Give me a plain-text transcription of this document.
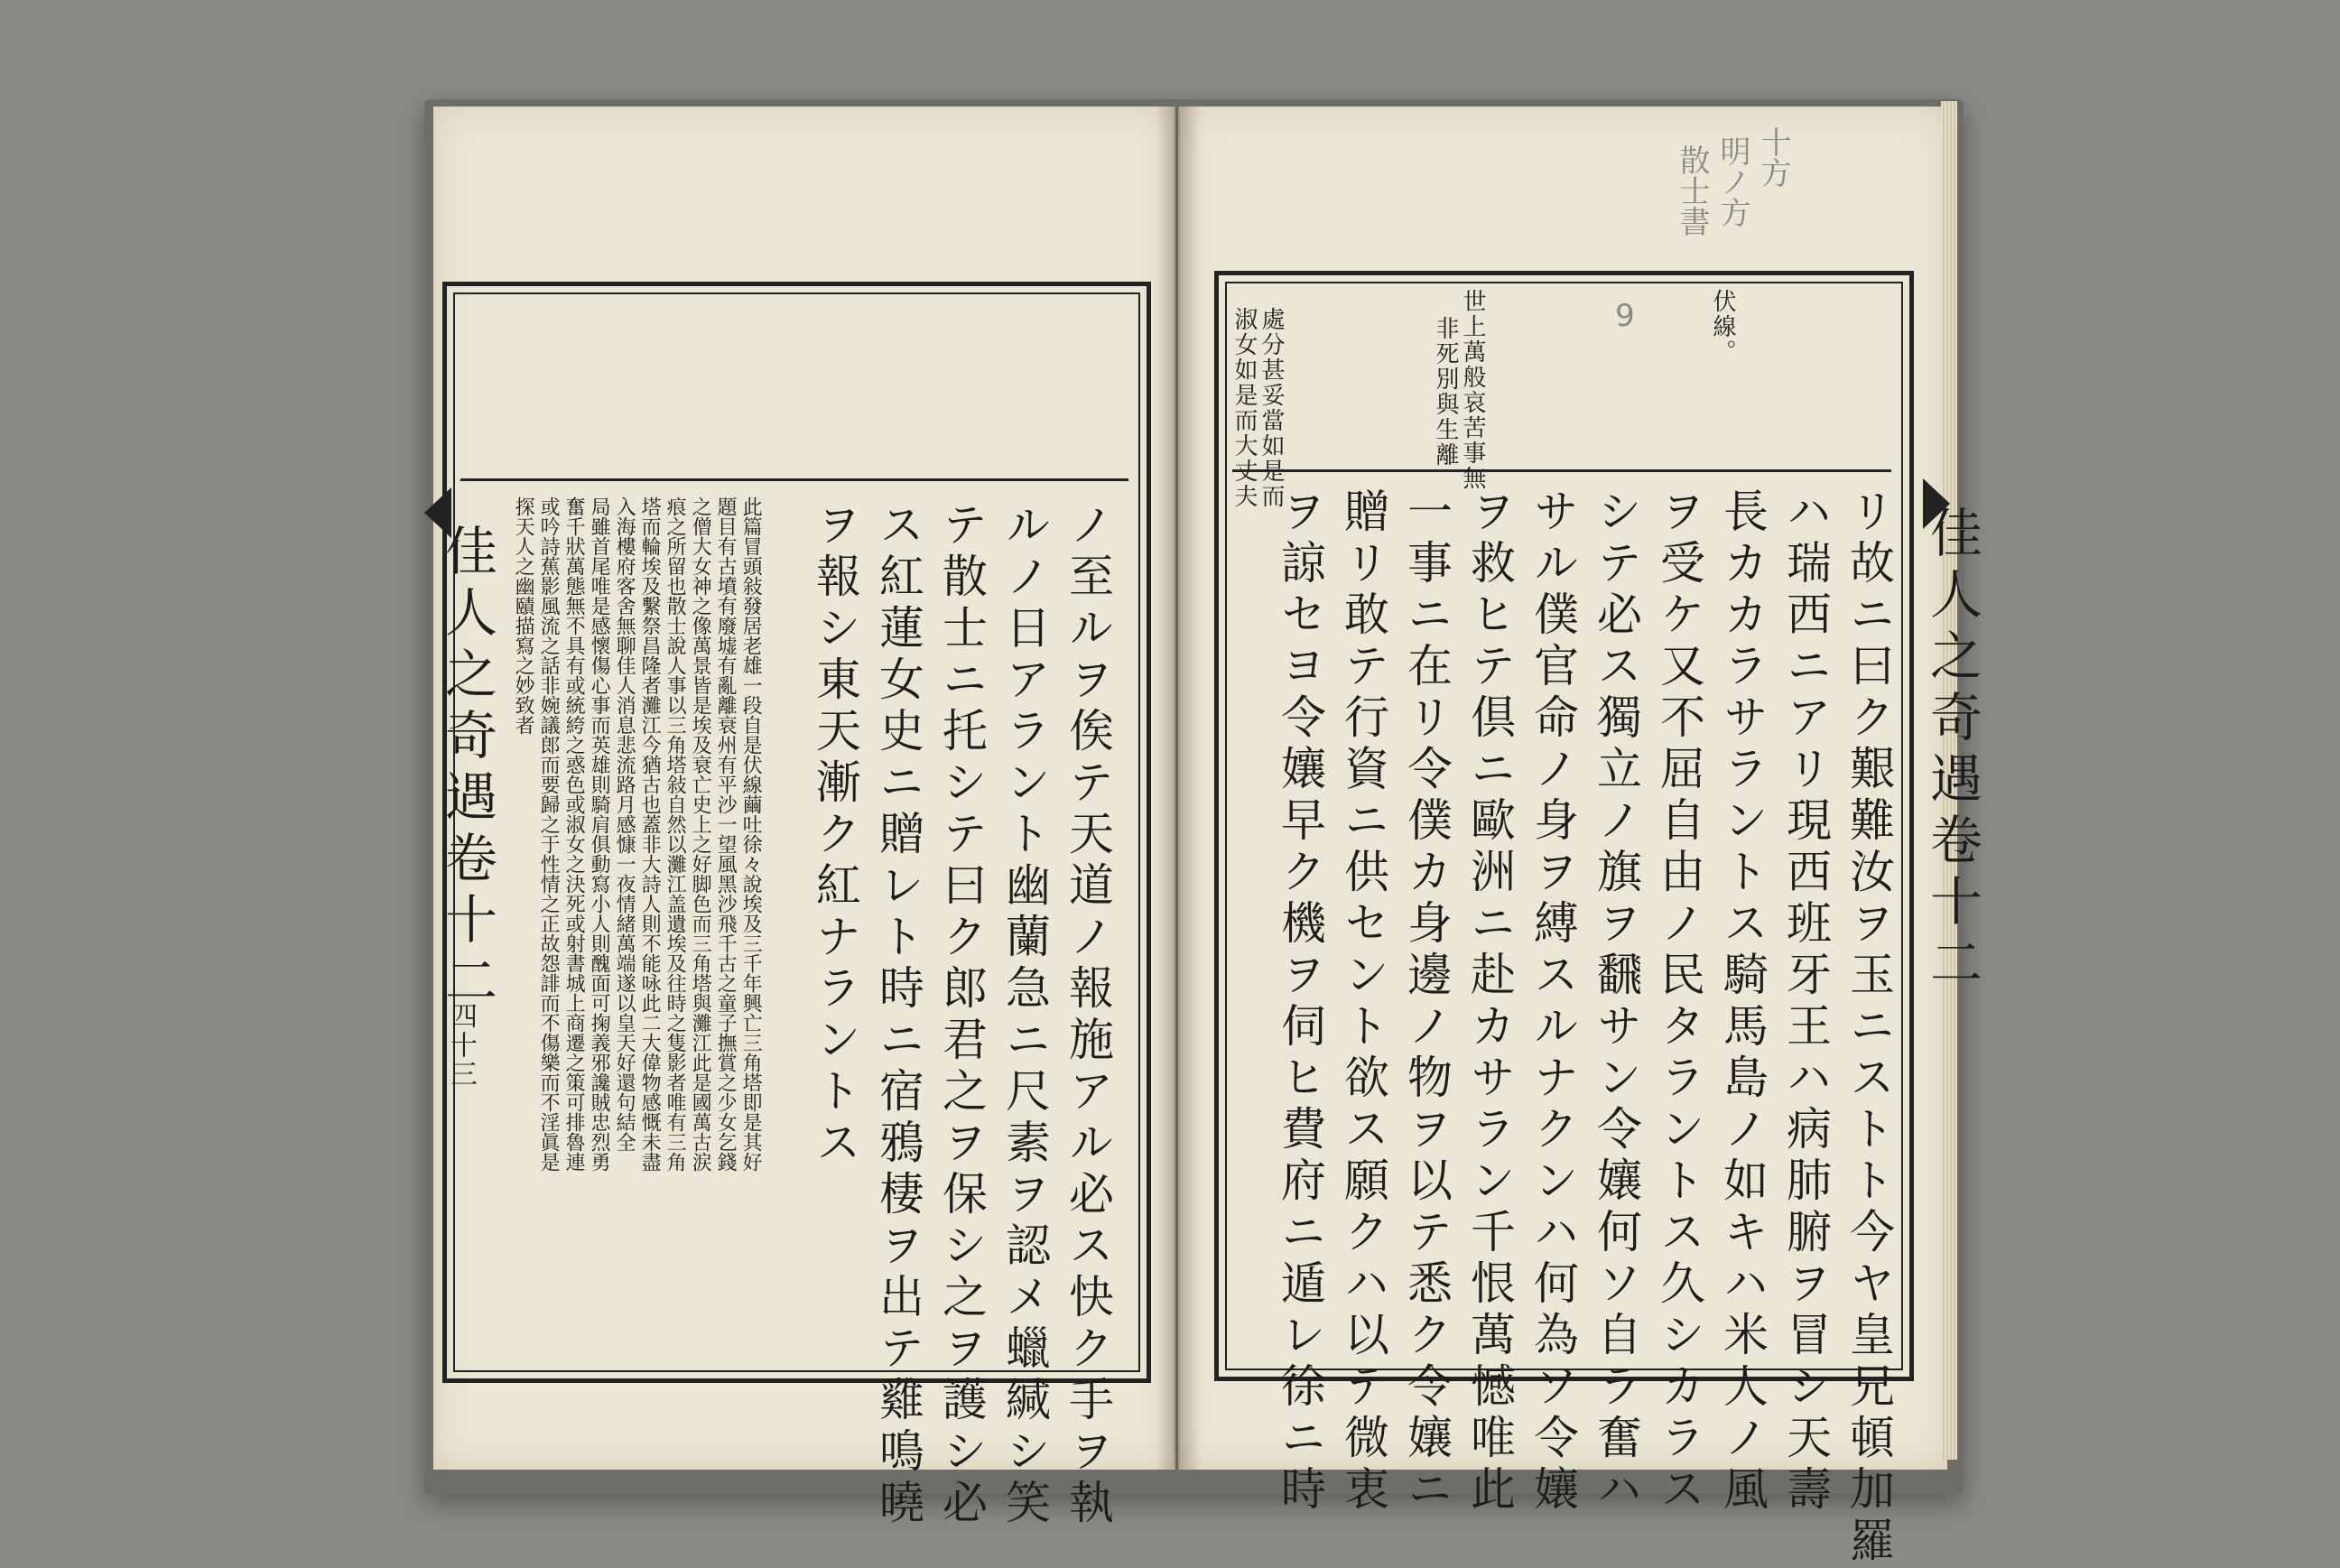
佳人之奇遇卷十二
四十三	ノ至ルヲ俟テ天道ノ報施アル必ス快ク手ヲ執
ルノ日アラント幽蘭急ニ尺素ヲ認メ蠟緘シ笑
テ散士ニ托シテ曰ク郎君之ヲ保シ之ヲ護シ必
ス紅蓮女史ニ贈レト時ニ宿鴉棲ヲ出テ雞鳴曉
ヲ報シ東天漸ク紅ナラントス
此篇冒頭敍發居老雄一段自是伏線繭吐徐々說埃及三千年興亡三角塔即是其好
題目有古墳有廢墟有亂離衰州有平沙一望風黑沙飛千古之童子撫賞之少女乞錢
之僧大女神之像萬景皆是埃及衰亡史上之好脚色而三角塔與灘江此是國萬古涙
痕之所留也散士說人事以三角塔敍自然以灘江盖遺埃及往時之隻影者唯有三角
塔而輪埃及繫祭昌隆者灘江今猶古也蓋非大詩人則不能咏此二大偉物感慨未盡
入海樓府客舍無聊佳人消息悲流路月感慷一夜情緒萬端遂以皇天好還句結全
局雖首尾唯是感懷傷心事而英雄則騎肩俱動寫小人則醜面可掬義邪讒賊忠烈勇
奮千狀萬態無不具有或統絝之惑色或淑女之決死或射書城上商遷之策可排魯連
或吟詩蕉影風流之話非婉議郎而要歸之于性情之正故怨誹而不傷樂而不淫眞是
探天人之幽賾描寫之妙致者	佳人之奇遇卷十二
伏線。
世上萬般哀苦事無
非死別與生離
處分甚妥當如是而
淑女如是而大丈夫
十方
明ノ方
散士書
9
リ故ニ曰ク艱難汝ヲ玉ニストト今ヤ皇兄頓加羅
ハ瑞西ニアリ現西班牙王ハ病肺腑ヲ冒シ天壽
長カカラサラントス騎馬島ノ如キハ米人ノ風
ヲ受ケ又不屈自由ノ民タラントス久シカラス
シテ必ス獨立ノ旗ヲ飜サン令孃何ソ自ラ奮ハ
サル僕官命ノ身ヲ縛スルナクンハ何為ソ令孃
ヲ救ヒテ倶ニ歐洲ニ赴カサラン千恨萬憾唯此
一事ニ在リ令僕カ身邊ノ物ヲ以テ悉ク令孃ニ
贈リ敢テ行資ニ供セント欲ス願クハ以テ微衷
ヲ諒セヨ令孃早ク機ヲ伺ヒ費府ニ遁レ徐ニ時
